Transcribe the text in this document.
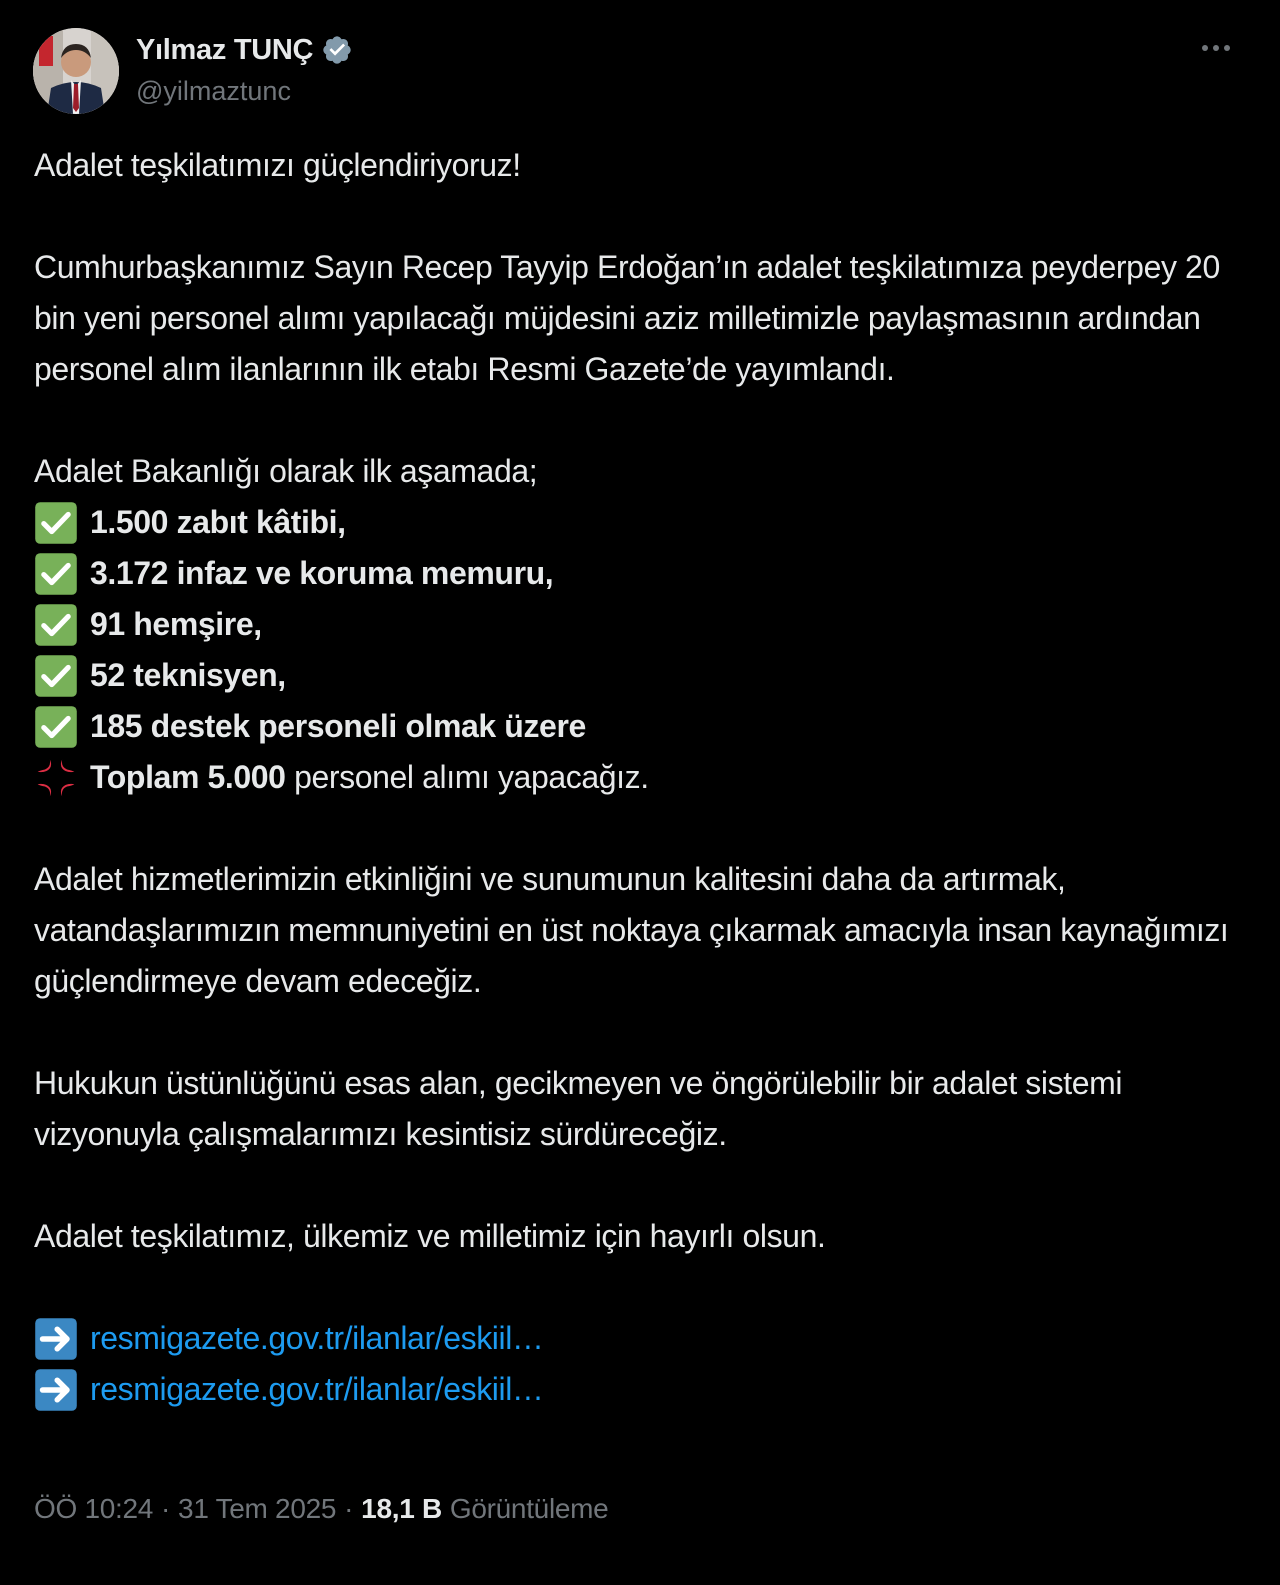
Yılmaz TUNÇ
@yilmaztunc

Adalet teşkilatımızı güçlendiriyoruz!

Cumhurbaşkanımız Sayın Recep Tayyip Erdoğan’ın adalet teşkilatımıza peyderpey 20 bin yeni personel alımı yapılacağı müjdesini aziz milletimizle paylaşmasının ardından personel alım ilanlarının ilk etabı Resmi Gazete’de yayımlandı.

Adalet Bakanlığı olarak ilk aşamada;

1.500 zabıt kâtibi,
3.172 infaz ve koruma memuru,
91 hemşire,
52 teknisyen,
185 destek personeli olmak üzere
Toplam 5.000 personel alımı yapacağız.

Adalet hizmetlerimizin etkinliğini ve sunumunun kalitesini daha da artırmak, vatandaşlarımızın memnuniyetini en üst noktaya çıkarmak amacıyla insan kaynağımızı güçlendirmeye devam edeceğiz.

Hukukun üstünlüğünü esas alan, gecikmeyen ve öngörülebilir bir adalet sistemi vizyonuyla çalışmalarımızı kesintisiz sürdüreceğiz.

Adalet teşkilatımız, ülkemiz ve milletimiz için hayırlı olsun.

resmigazete.gov.tr/ilanlar/eskiil…
resmigazete.gov.tr/ilanlar/eskiil…
ÖÖ 10:24 · 31 Tem 2025 · 18,1 B Görüntüleme
